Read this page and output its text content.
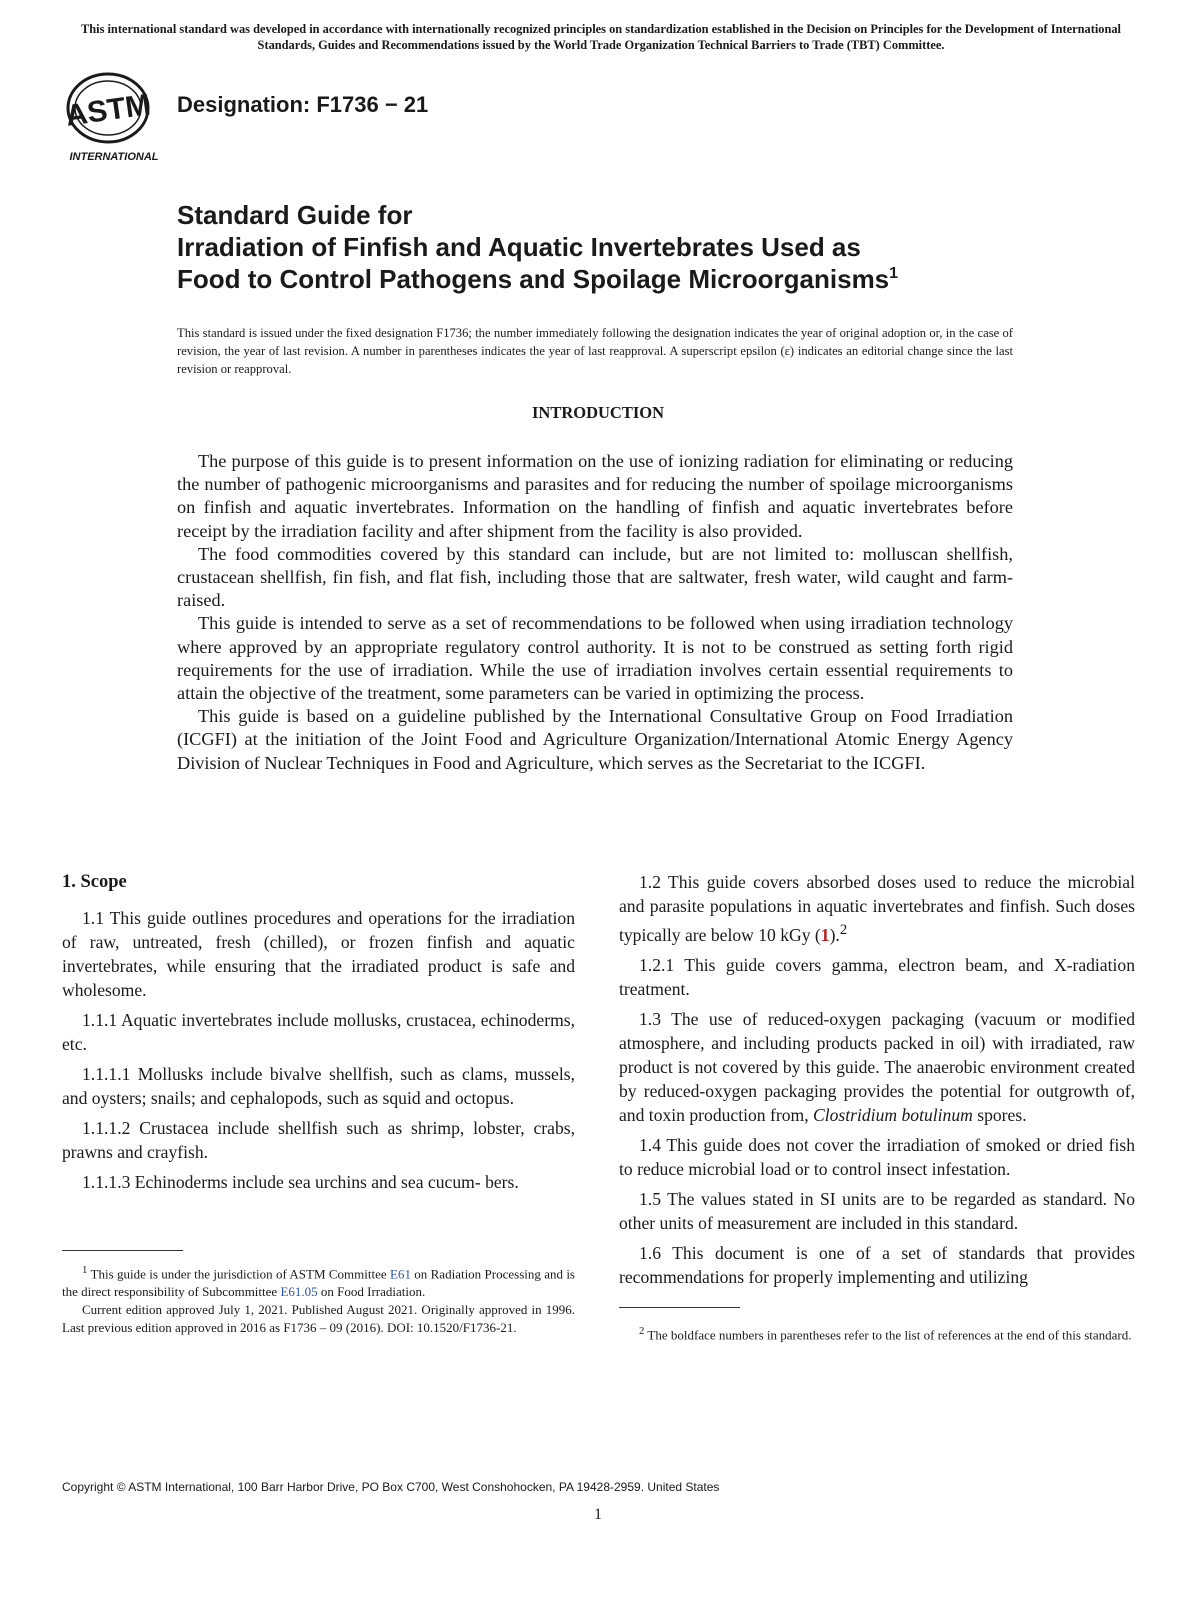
This international standard was developed in accordance with internationally recognized principles on standardization established in the Decision on Principles for the Development of International Standards, Guides and Recommendations issued by the World Trade Organization Technical Barriers to Trade (TBT) Committee.
ASTM
INTERNATIONAL
Designation: F1736 − 21
Standard Guide for
Irradiation of Finfish and Aquatic Invertebrates Used as
Food to Control Pathogens and Spoilage Microorganisms$^1$
This standard is issued under the fixed designation F1736; the number immediately following the designation indicates the year of original adoption or, in the case of revision, the year of last revision. A number in parentheses indicates the year of last reapproval. A superscript epsilon (ε) indicates an editorial change since the last revision or reapproval.
INTRODUCTION

The purpose of this guide is to present information on the use of ionizing radiation for eliminating or reducing the number of pathogenic microorganisms and parasites and for reducing the number of spoilage microorganisms on finfish and aquatic invertebrates. Information on the handling of finfish and aquatic invertebrates before receipt by the irradiation facility and after shipment from the facility is also provided.

The food commodities covered by this standard can include, but are not limited to: molluscan shellfish, crustacean shellfish, fin fish, and flat fish, including those that are saltwater, fresh water, wild caught and farm-raised.

This guide is intended to serve as a set of recommendations to be followed when using irradiation technology where approved by an appropriate regulatory control authority. It is not to be construed as setting forth rigid requirements for the use of irradiation. While the use of irradiation involves certain essential requirements to attain the objective of the treatment, some parameters can be varied in optimizing the process.

This guide is based on a guideline published by the International Consultative Group on Food Irradiation (ICGFI) at the initiation of the Joint Food and Agriculture Organization/International Atomic Energy Agency Division of Nuclear Techniques in Food and Agriculture, which serves as the Secretariat to the ICGFI.

1. Scope

1.1 This guide outlines procedures and operations for the irradiation of raw, untreated, fresh (chilled), or frozen finfish and aquatic invertebrates, while ensuring that the irradiated product is safe and wholesome.

1.1.1 Aquatic invertebrates include mollusks, crustacea, echinoderms, etc.

1.1.1.1 Mollusks include bivalve shellfish, such as clams, mussels, and oysters; snails; and cephalopods, such as squid and octopus.

1.1.1.2 Crustacea include shellfish such as shrimp, lobster, crabs, prawns and crayfish.

1.1.1.3 Echinoderms include sea urchins and sea cucum- bers.

$^1$ This guide is under the jurisdiction of ASTM Committee E61 on Radiation Processing and is the direct responsibility of Subcommittee E61.05 on Food Irradiation.

Current edition approved July 1, 2021. Published August 2021. Originally approved in 1996. Last previous edition approved in 2016 as F1736 – 09 (2016). DOI: 10.1520/F1736-21.

1.2 This guide covers absorbed doses used to reduce the microbial and parasite populations in aquatic invertebrates and finfish. Such doses typically are below 10 kGy (1).$^2$

1.2.1 This guide covers gamma, electron beam, and X-radiation treatment.

1.3 The use of reduced-oxygen packaging (vacuum or modified atmosphere, and including products packed in oil) with irradiated, raw product is not covered by this guide. The anaerobic environment created by reduced-oxygen packaging provides the potential for outgrowth of, and toxin production from, Clostridium botulinum spores.

1.4 This guide does not cover the irradiation of smoked or dried fish to reduce microbial load or to control insect infestation.

1.5 The values stated in SI units are to be regarded as standard. No other units of measurement are included in this standard.

1.6 This document is one of a set of standards that provides recommendations for properly implementing and utilizing

$^2$ The boldface numbers in parentheses refer to the list of references at the end of this standard.

Copyright © ASTM International, 100 Barr Harbor Drive, PO Box C700, West Conshohocken, PA 19428-2959. United States
1
